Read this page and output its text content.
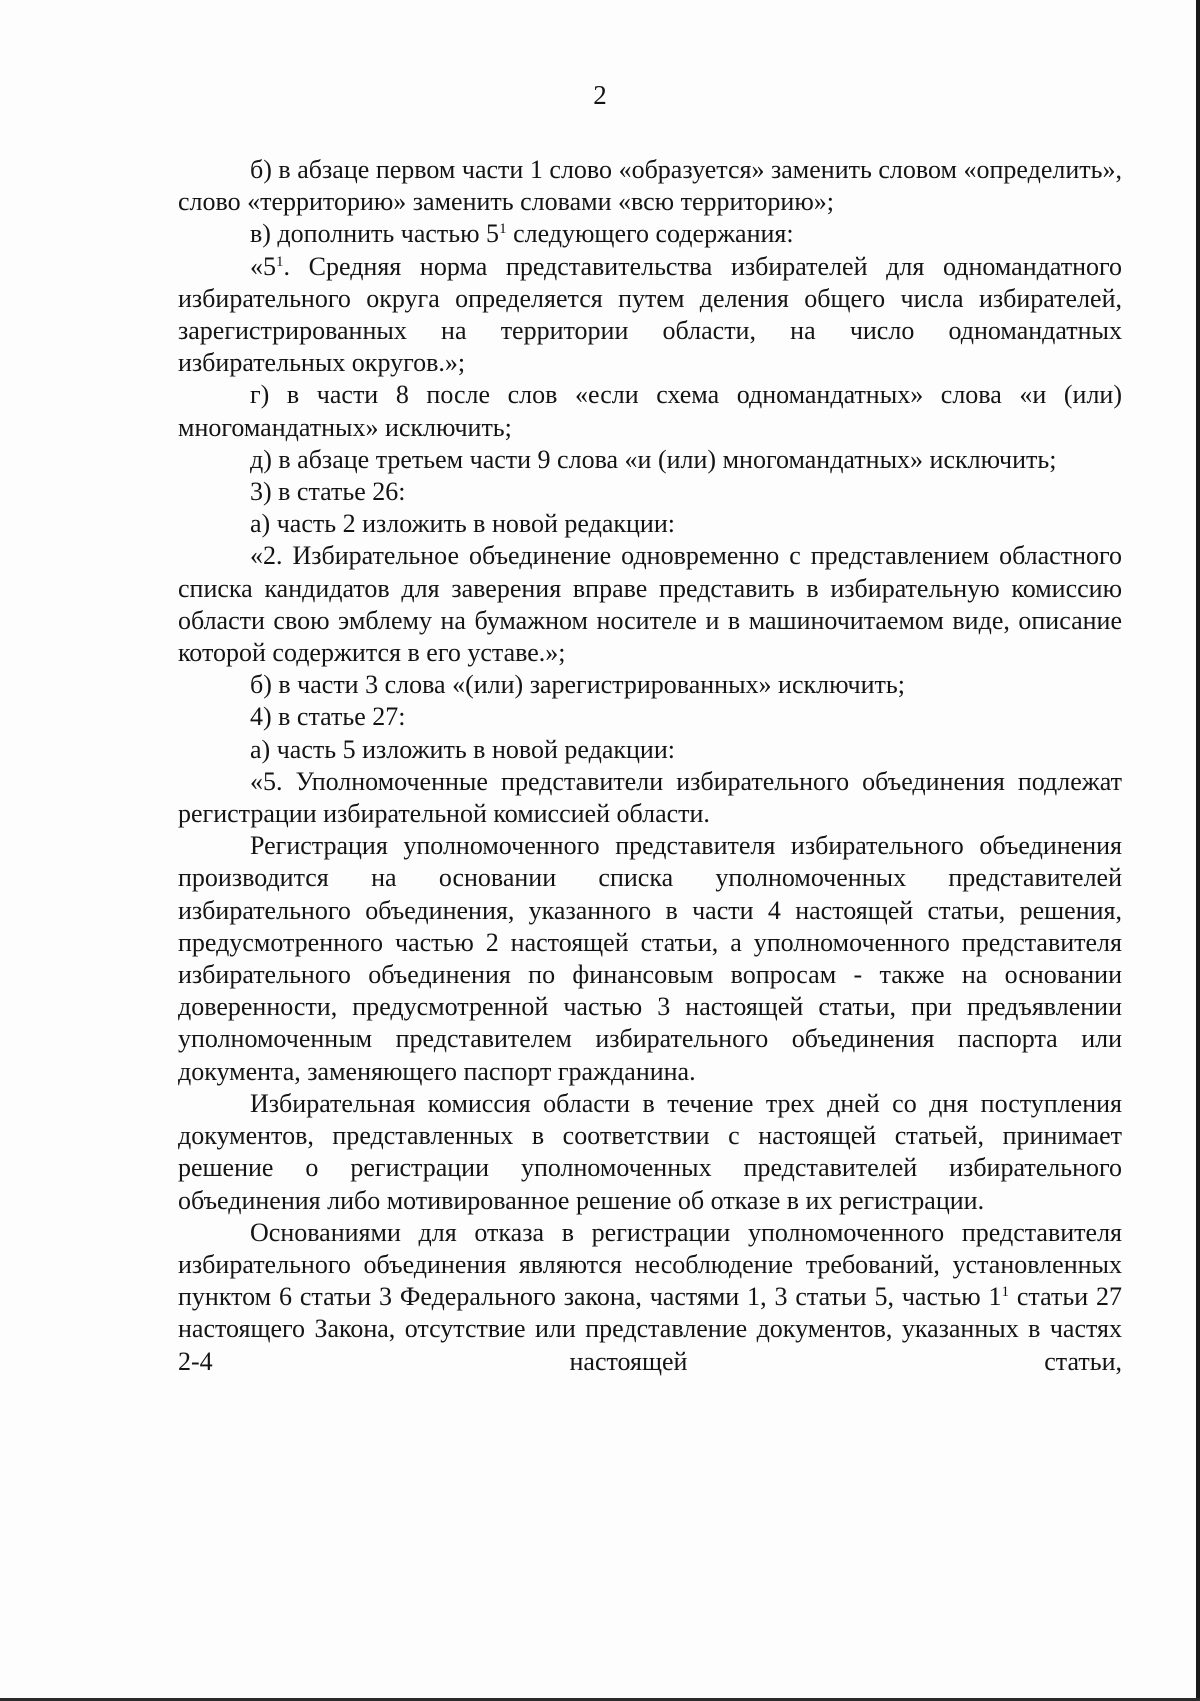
2

б) в абзаце первом части 1 слово «образуется» заменить словом «определить», слово «территорию» заменить словами «всю территорию»;

в) дополнить частью $5^1$ следующего содержания:

«$5^1$. Средняя норма представительства избирателей для одномандатного избирательного округа определяется путем деления общего числа избирателей, зарегистрированных на территории области, на число одномандатных избирательных округов.»;

г) в части 8 после слов «если схема одномандатных» слова «и (или) многомандатных» исключить;

д) в абзаце третьем части 9 слова «и (или) многомандатных» исключить;

3) в статье 26:

а) часть 2 изложить в новой редакции:

«2. Избирательное объединение одновременно с представлением областного списка кандидатов для заверения вправе представить в избирательную комиссию области свою эмблему на бумажном носителе и в машиночитаемом виде, описание которой содержится в его уставе.»;

б) в части 3 слова «(или) зарегистрированных» исключить;

4) в статье 27:

а) часть 5 изложить в новой редакции:

«5. Уполномоченные представители избирательного объединения подлежат регистрации избирательной комиссией области.

Регистрация уполномоченного представителя избирательного объединения производится на основании списка уполномоченных представителей избирательного объединения, указанного в части 4 настоящей статьи, решения, предусмотренного частью 2 настоящей статьи, а уполномоченного представителя избирательного объединения по финансовым вопросам - также на основании доверенности, предусмотренной частью 3 настоящей статьи, при предъявлении уполномоченным представителем избирательного объединения паспорта или документа, заменяющего паспорт гражданина.

Избирательная комиссия области в течение трех дней со дня поступления документов, представленных в соответствии с настоящей статьей, принимает решение о регистрации уполномоченных представителей избирательного объединения либо мотивированное решение об отказе в их регистрации.

Основаниями для отказа в регистрации уполномоченного представителя избирательного объединения являются несоблюдение требований, установленных пунктом 6 статьи 3 Федерального закона, частями 1, 3 статьи 5, частью $1^1$ статьи 27 настоящего Закона, отсутствие или представление документов, указанных в частях 2-4 настоящей статьи,
